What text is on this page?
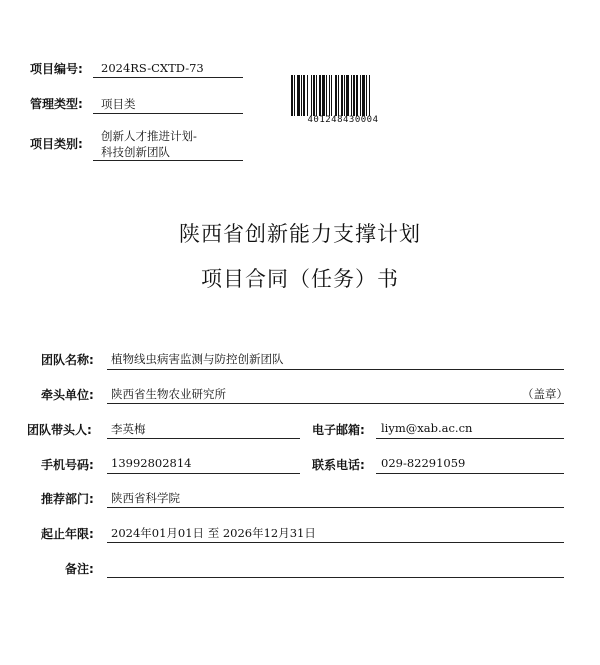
项目编号: 2024RS-CXTD-73
管理类型: 项目类
项目类别:
创新人才推进计划-
科技创新团队
401248430004
陕西省创新能力支撑计划
项目合同（任务）书
团队名称: 植物线虫病害监测与防控创新团队
牵头单位: 陕西省生物农业研究所	（盖章）
团队带头人: 李英梅	电子邮箱: liym@xab.ac.cn
手机号码: 13992802814	联系电话: 029-82291059
推荐部门: 陕西省科学院
起止年限: 2024年01月01日 至 2026年12月31日
备注:
